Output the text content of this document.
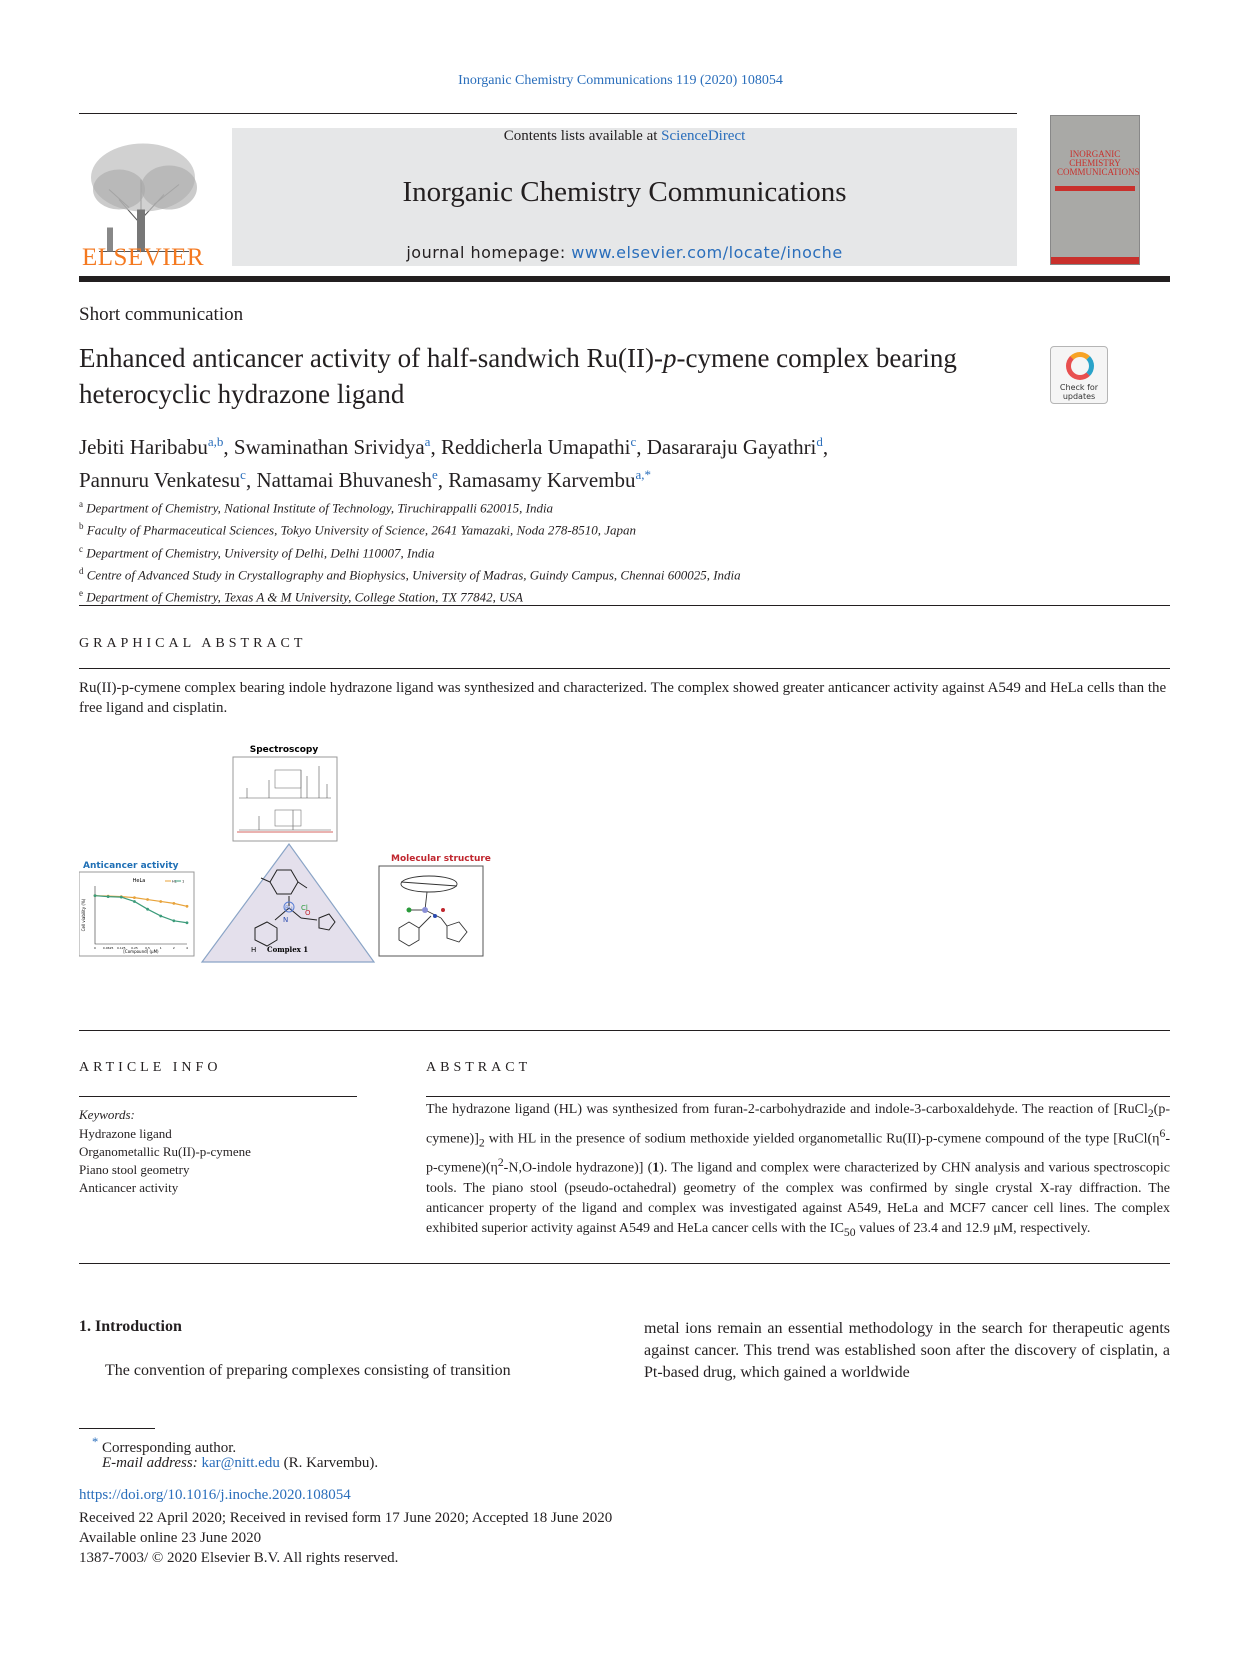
Inorganic Chemistry Communications 119 (2020) 108054
ELSEVIER
Contents lists available at ScienceDirect
Inorganic Chemistry Communications
journal homepage: www.elsevier.com/locate/inoche
INORGANIC CHEMISTRY COMMUNICATIONS
Short communication
Enhanced anticancer activity of half-sandwich Ru(II)-p-cymene complex bearing heterocyclic hydrazone ligand	Check for updates
Jebiti Haribabu$^{a,b}$, Swaminathan Srividya$^a$, Reddicherla Umapathi$^c$, Dasararaju Gayathri$^d$,
Pannuru Venkatesu$^c$, Nattamai Bhuvanesh$^e$, Ramasamy Karvembu$^{a,*}$
$^a$ Department of Chemistry, National Institute of Technology, Tiruchirappalli 620015, India
$^b$ Faculty of Pharmaceutical Sciences, Tokyo University of Science, 2641 Yamazaki, Noda 278-8510, Japan
$^c$ Department of Chemistry, University of Delhi, Delhi 110007, India
$^d$ Centre of Advanced Study in Crystallography and Biophysics, University of Madras, Guindy Campus, Chennai 600025, India
$^e$ Department of Chemistry, Texas A & M University, College Station, TX 77842, USA
GRAPHICAL ABSTRACT
Ru(II)-p-cymene complex bearing indole hydrazone ligand was synthesized and characterized. The complex showed greater anticancer activity against A549 and HeLa cells than the free ligand and cisplatin.
Spectroscopy
Ru Cl
N
O
H Complex 1
Anticancer activity
0 0.0625 0.125 0.25 0.5	1	2	4
HL 1
HeLa
[Compound] (μM)
Cell viability (%)
Molecular structure
ARTICLE INFO
Keywords:
Hydrazone ligand
Organometallic Ru(II)-p-cymene
Piano stool geometry
Anticancer activity
ABSTRACT
The hydrazone ligand (HL) was synthesized from furan-2-carbohydrazide and indole-3-carboxaldehyde. The reaction of $[RuCl_2(p-cymene)]_2$ with HL in the presence of sodium methoxide yielded organometallic Ru(II)-p-cymene compound of the type [$RuCl(\eta^6-p-cymene)(\eta^2-N,O$-indole hydrazone)] (1). The ligand and complex were characterized by CHN analysis and various spectroscopic tools. The piano stool (pseudo-octahedral) geometry of the complex was confirmed by single crystal X-ray diffraction. The anticancer property of the ligand and complex was investigated against A549, HeLa and MCF7 cancer cell lines. The complex exhibited superior activity against A549 and HeLa cancer cells with the $IC_{50}$ values of 23.4 and 12.9 μM, respectively.
1. Introduction
The convention of preparing complexes consisting of transition
metal ions remain an essential methodology in the search for therapeutic agents against cancer. This trend was established soon after the discovery of cisplatin, a Pt-based drug, which gained a worldwide
* Corresponding author.
E-mail address: kar@nitt.edu (R. Karvembu).
https://doi.org/10.1016/j.inoche.2020.108054
Received 22 April 2020; Received in revised form 17 June 2020; Accepted 18 June 2020
Available online 23 June 2020
1387-7003/ © 2020 Elsevier B.V. All rights reserved.
